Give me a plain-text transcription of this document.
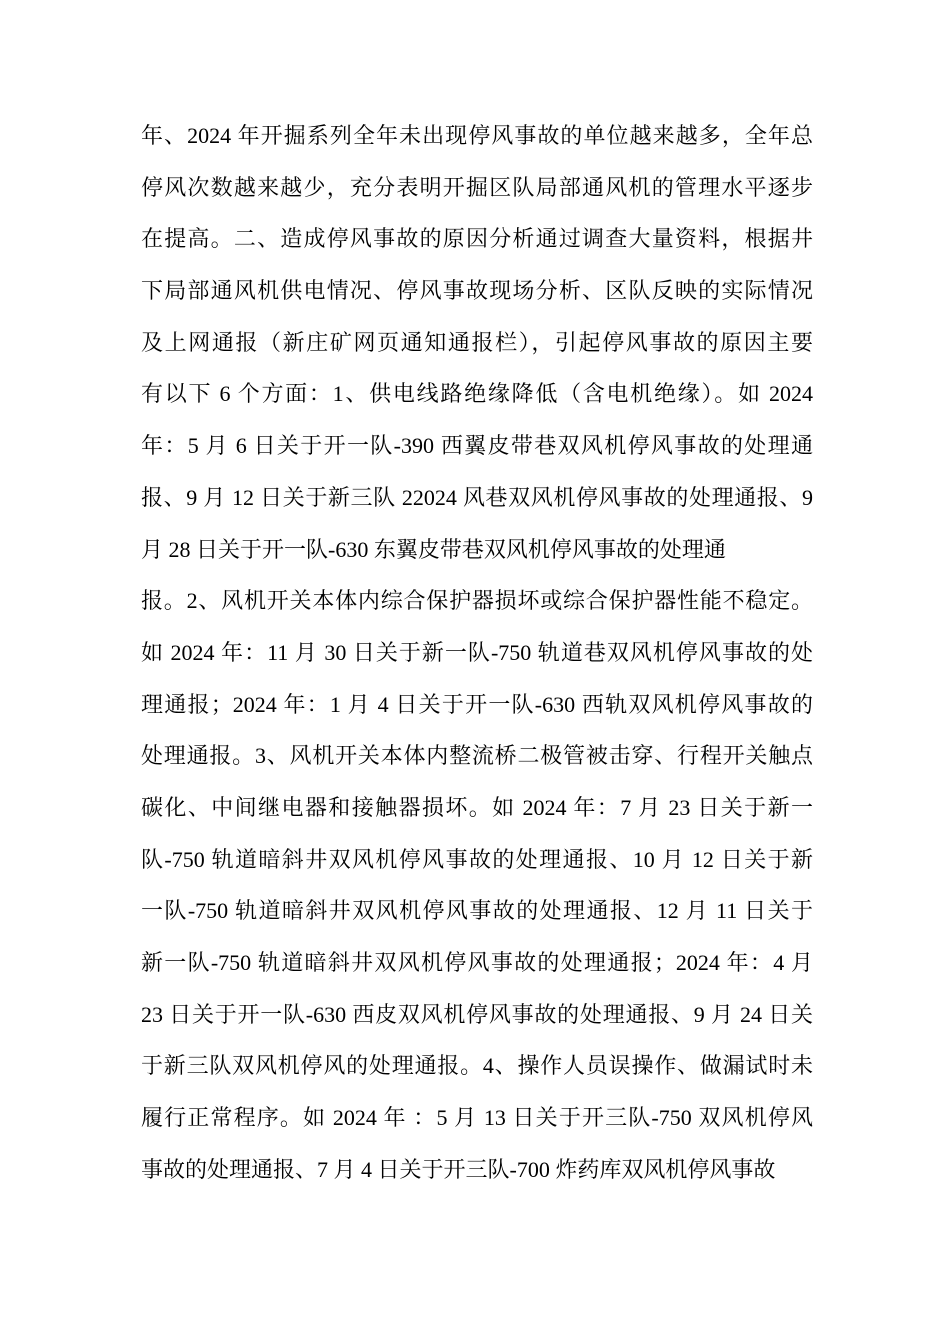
年、2024 年开掘系列全年未出现停风事故的单位越来越多，全年总
停风次数越来越少，充分表明开掘区队局部通风机的管理水平逐步
在提高。二、造成停风事故的原因分析通过调查大量资料，根据井
下局部通风机供电情况、停风事故现场分析、区队反映的实际情况
及上网通报（新庄矿网页通知通报栏），引起停风事故的原因主要
有以下 6 个方面：1、供电线路绝缘降低（含电机绝缘）。如 2024
年：5 月 6 日关于开一队-390 西翼皮带巷双风机停风事故的处理通
报、9 月 12 日关于新三队 22024 风巷双风机停风事故的处理通报、9
月 28 日关于开一队-630 东翼皮带巷双风机停风事故的处理通
报。2、风机开关本体内综合保护器损坏或综合保护器性能不稳定。
如 2024 年：11 月 30 日关于新一队-750 轨道巷双风机停风事故的处
理通报；2024 年：1 月 4 日关于开一队-630 西轨双风机停风事故的
处理通报。3、风机开关本体内整流桥二极管被击穿、行程开关触点
碳化、中间继电器和接触器损坏。如 2024 年：7 月 23 日关于新一
队-750 轨道暗斜井双风机停风事故的处理通报、10 月 12 日关于新
一队-750 轨道暗斜井双风机停风事故的处理通报、12 月 11 日关于
新一队-750 轨道暗斜井双风机停风事故的处理通报；2024 年：4 月
23 日关于开一队-630 西皮双风机停风事故的处理通报、9 月 24 日关
于新三队双风机停风的处理通报。4、操作人员误操作、做漏试时未
履行正常程序。如 2024 年 ：5 月 13 日关于开三队-750 双风机停风
事故的处理通报、7 月 4 日关于开三队-700 炸药库双风机停风事故
